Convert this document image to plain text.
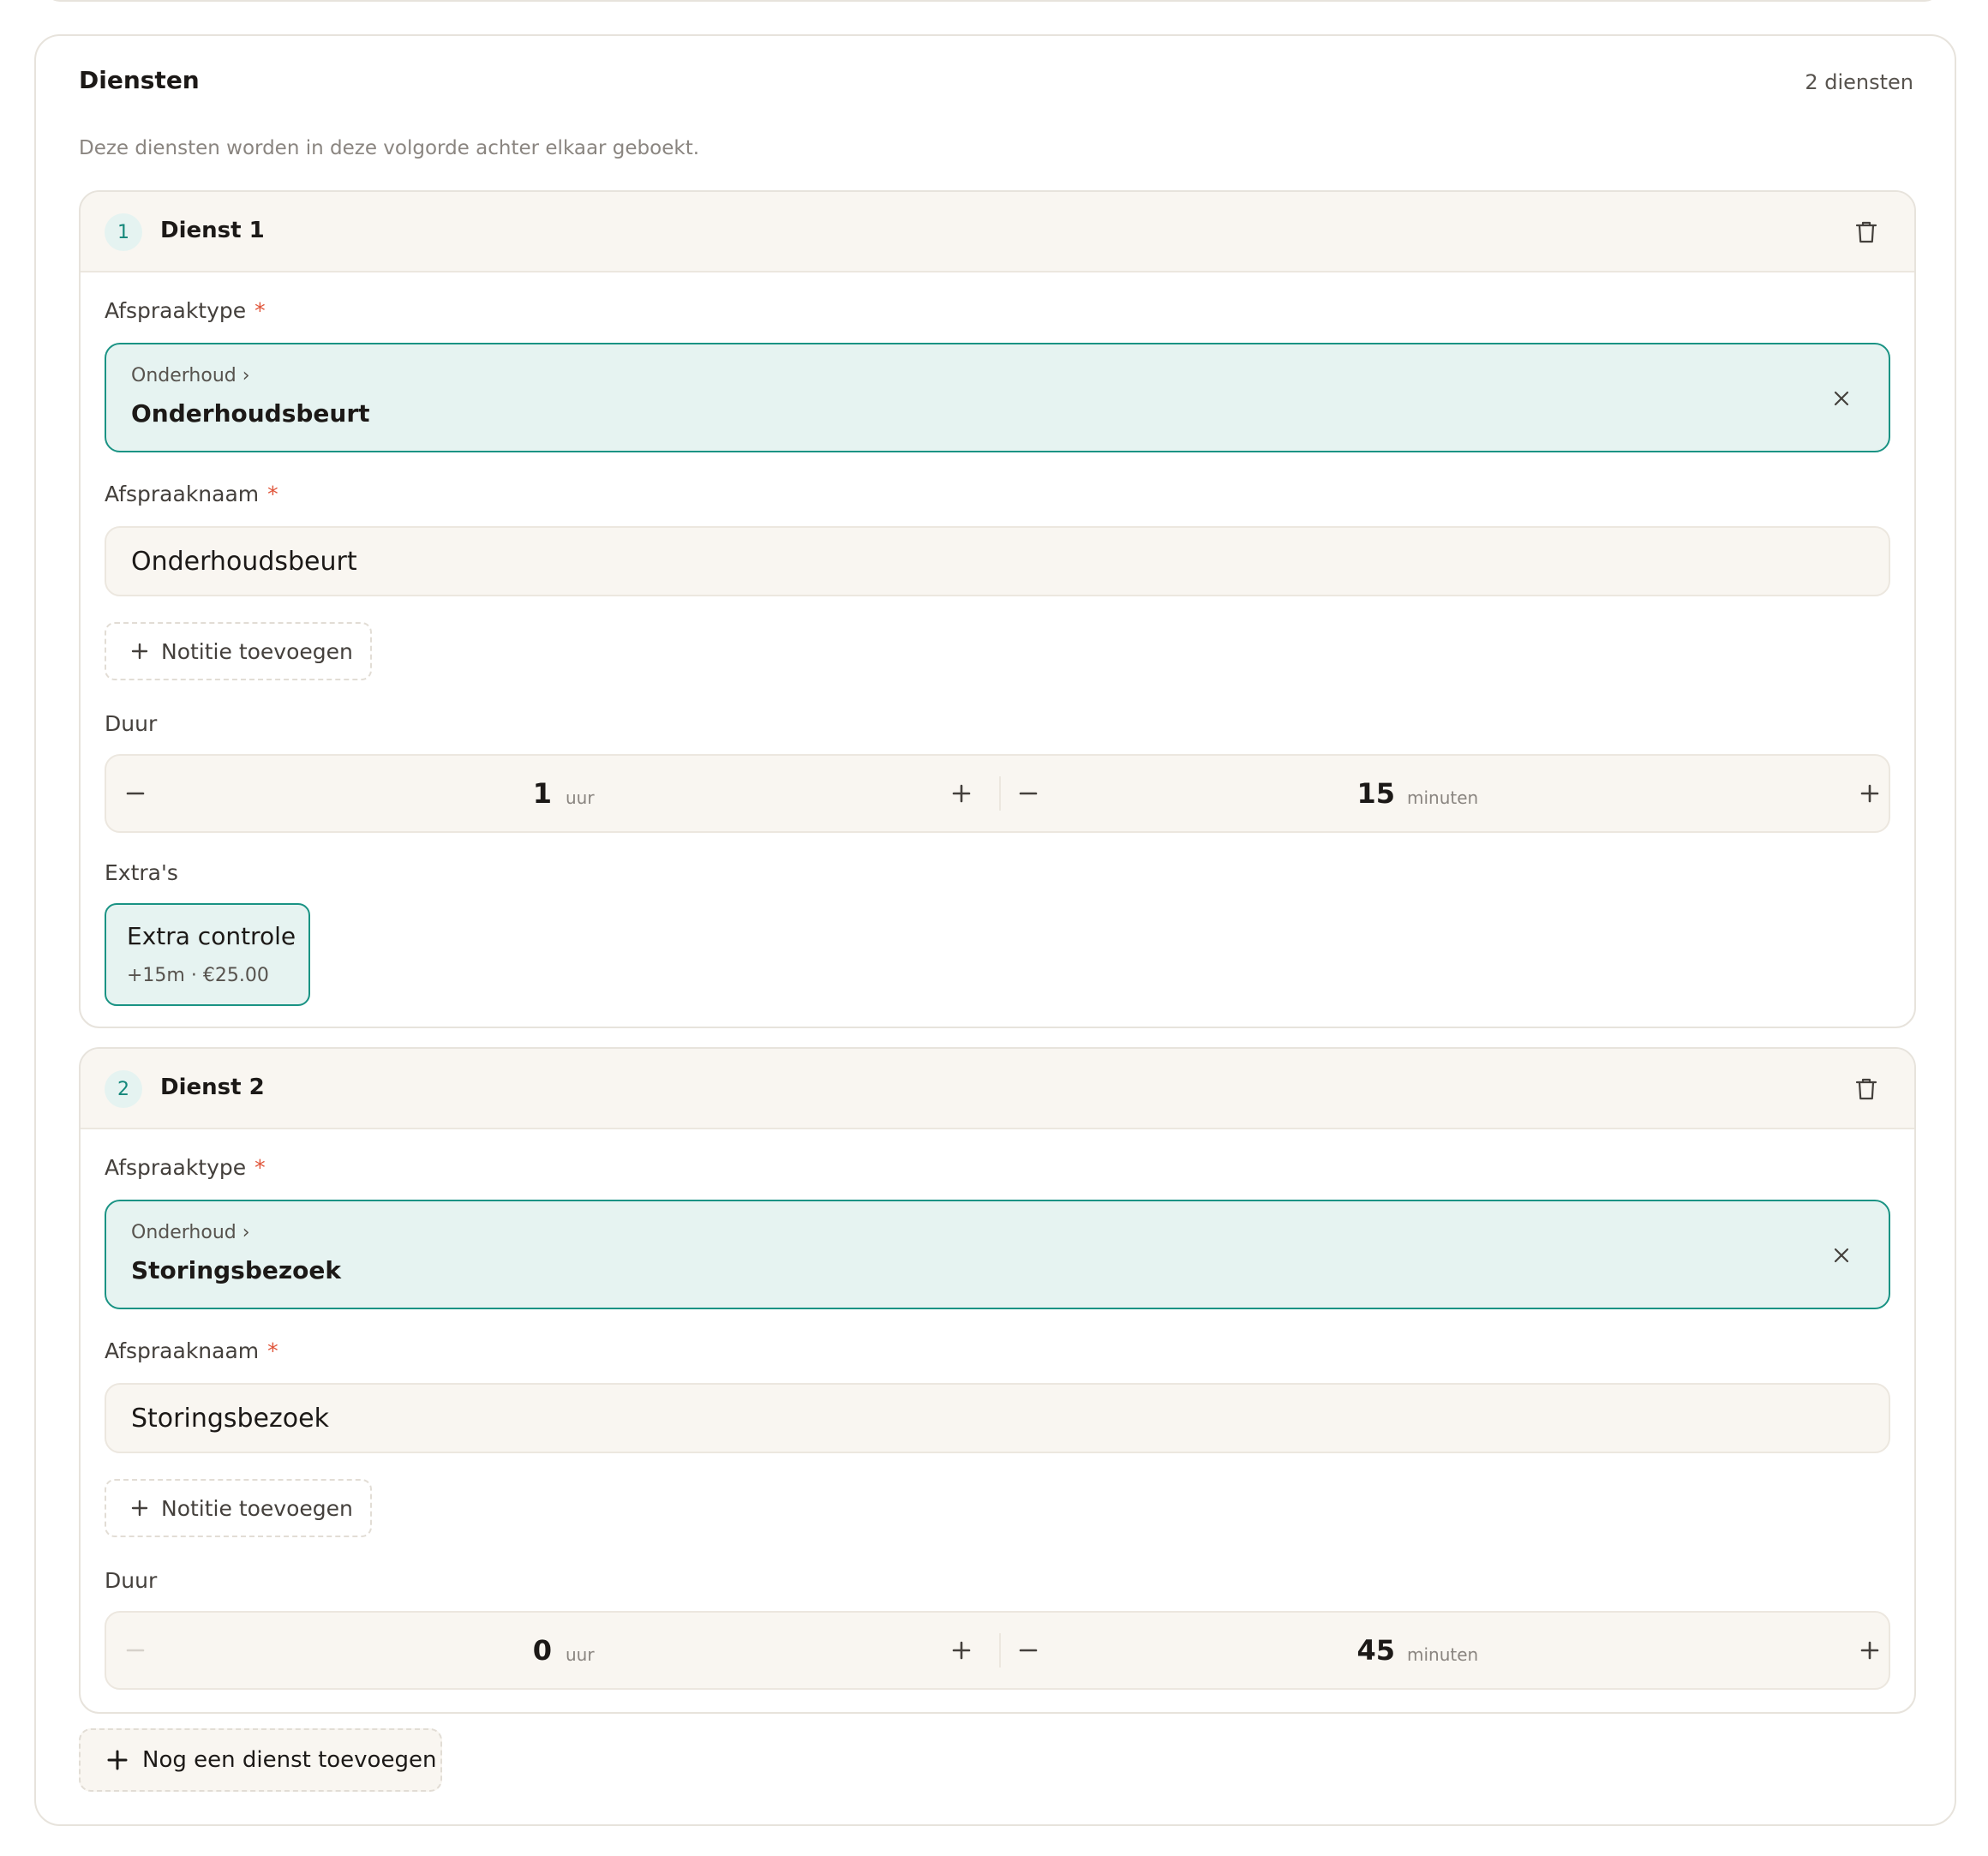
Diensten	2 diensten
Deze diensten worden in deze volgorde achter elkaar geboekt.
1	Dienst 1
Afspraaktype *
Onderhoud ›
Onderhoudsbeurt
Afspraaknaam *
Onderhoudsbeurt
Notitie toevoegen
Duur
1 uur	15 minuten
Extra's
Extra controle
+15m · €25.00
2	Dienst 2
Afspraaktype *
Onderhoud ›
Storingsbezoek
Afspraaknaam *
Storingsbezoek
Notitie toevoegen
Duur
0 uur	45 minuten
Nog een dienst toevoegen
